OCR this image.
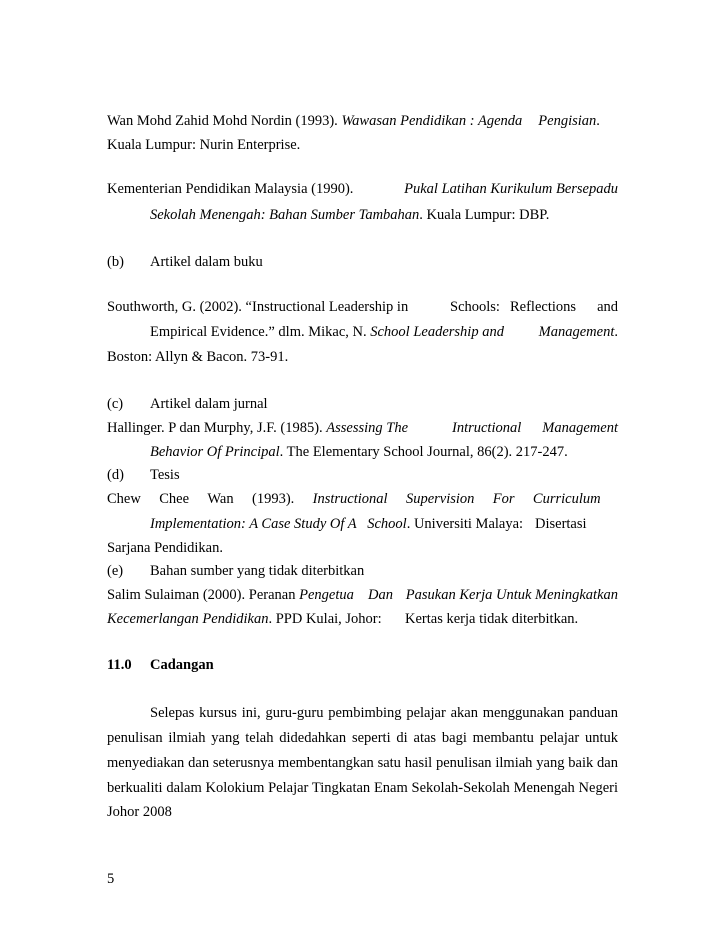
Wan Mohd Zahid Mohd Nordin (1993). Wawasan Pendidikan : Agenda Pengisian.
Kuala Lumpur: Nurin Enterprise.
Kementerian Pendidikan Malaysia (1990).	Pukal Latihan Kurikulum Bersepadu
Sekolah Menengah: Bahan Sumber Tambahan. Kuala Lumpur: DBP.
(b) Artikel dalam buku
Southworth, G. (2002). “Instructional Leadership in	Schools: Reflections and
Empirical Evidence.” dlm. Mikac, N. School Leadership and Management.
Boston: Allyn & Bacon. 73-91.
(c) Artikel dalam jurnal
Hallinger. P dan Murphy, J.F. (1985). Assessing The	Intructional Management
Behavior Of Principal. The Elementary School Journal, 86(2). 217-247.
(d) Tesis
Chew Chee Wan (1993). Instructional Supervision For Curriculum
Implementation: A Case Study Of A   School. Universiti Malaya: Disertasi
Sarjana Pendidikan.
(e) Bahan sumber yang tidak diterbitkan
Salim Sulaiman (2000). Peranan Pengetua Dan Pasukan Kerja Untuk Meningkatkan
Kecemerlangan Pendidikan. PPD Kulai, Johor: Kertas kerja tidak diterbitkan.
11.0 Cadangan
Selepas kursus ini, guru-guru pembimbing pelajar akan menggunakan panduan
penulisan ilmiah yang telah didedahkan seperti di atas bagi membantu pelajar untuk
menyediakan dan seterusnya membentangkan satu hasil penulisan ilmiah yang baik dan
berkualiti dalam Kolokium Pelajar Tingkatan Enam Sekolah-Sekolah Menengah Negeri
Johor 2008
5
